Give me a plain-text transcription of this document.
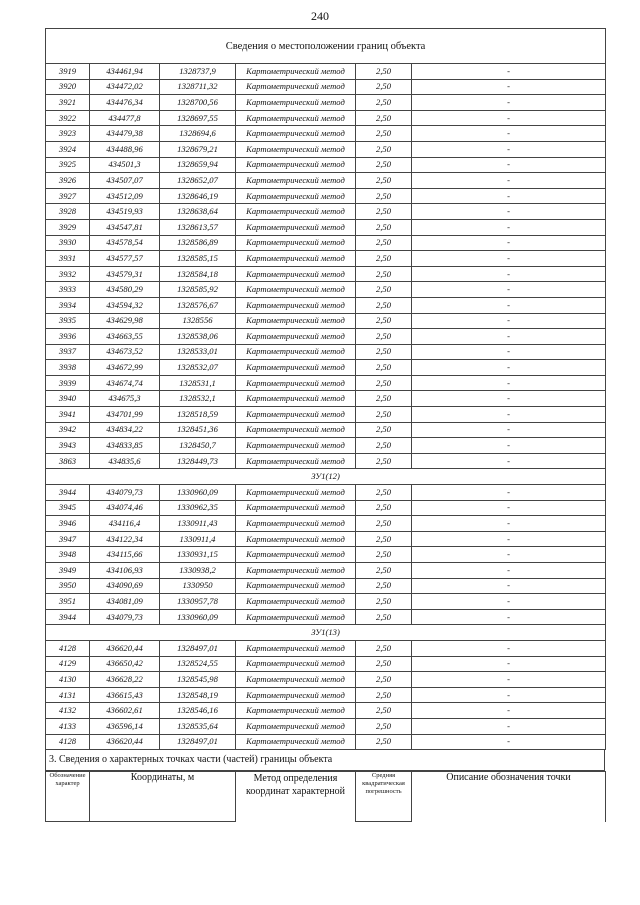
240
Сведения о местоположении границ объекта					
3919	434461,94	1328737,9	Картометрический метод	2,50	-
3920	434472,02	1328711,32	Картометрический метод	2,50	-
3921	434476,34	1328700,56	Картометрический метод	2,50	-
3922	434477,8	1328697,55	Картометрический метод	2,50	-
3923	434479,38	1328694,6	Картометрический метод	2,50	-
3924	434488,96	1328679,21	Картометрический метод	2,50	-
3925	434501,3	1328659,94	Картометрический метод	2,50	-
3926	434507,07	1328652,07	Картометрический метод	2,50	-
3927	434512,09	1328646,19	Картометрический метод	2,50	-
3928	434519,93	1328638,64	Картометрический метод	2,50	-
3929	434547,81	1328613,57	Картометрический метод	2,50	-
3930	434578,54	1328586,89	Картометрический метод	2,50	-
3931	434577,57	1328585,15	Картометрический метод	2,50	-
3932	434579,31	1328584,18	Картометрический метод	2,50	-
3933	434580,29	1328585,92	Картометрический метод	2,50	-
3934	434594,32	1328576,67	Картометрический метод	2,50	-
3935	434629,98	1328556	Картометрический метод	2,50	-
3936	434663,55	1328538,06	Картометрический метод	2,50	-
3937	434673,52	1328533,01	Картометрический метод	2,50	-
3938	434672,99	1328532,07	Картометрический метод	2,50	-
3939	434674,74	1328531,1	Картометрический метод	2,50	-
3940	434675,3	1328532,1	Картометрический метод	2,50	-
3941	434701,99	1328518,59	Картометрический метод	2,50	-
3942	434834,22	1328451,36	Картометрический метод	2,50	-
3943	434833,85	1328450,7	Картометрический метод	2,50	-
3863	434835,6	1328449,73	Картометрический метод	2,50	-
ЗУ1(12)					
3944	434079,73	1330960,09	Картометрический метод	2,50	-
3945	434074,46	1330962,35	Картометрический метод	2,50	-
3946	434116,4	1330911,43	Картометрический метод	2,50	-
3947	434122,34	1330911,4	Картометрический метод	2,50	-
3948	434115,66	1330931,15	Картометрический метод	2,50	-
3949	434106,93	1330938,2	Картометрический метод	2,50	-
3950	434090,69	1330950	Картометрический метод	2,50	-
3951	434081,09	1330957,78	Картометрический метод	2,50	-
3944	434079,73	1330960,09	Картометрический метод	2,50	-
ЗУ1(13)					
4128	436620,44	1328497,01	Картометрический метод	2,50	-
4129	436650,42	1328524,55	Картометрический метод	2,50	-
4130	436628,22	1328545,98	Картометрический метод	2,50	-
4131	436615,43	1328548,19	Картометрический метод	2,50	-
4132	436602,61	1328546,16	Картометрический метод	2,50	-
4133	436596,14	1328535,64	Картометрический метод	2,50	-
4128	436620,44	1328497,01	Картометрический метод	2,50	-
3. Сведения о характерных точках части (частей) границы объекта
Обозначение характер	Координаты, м	Метод определения координат характерной	Средняя квадратическая погрешность	Описание обозначения точки
